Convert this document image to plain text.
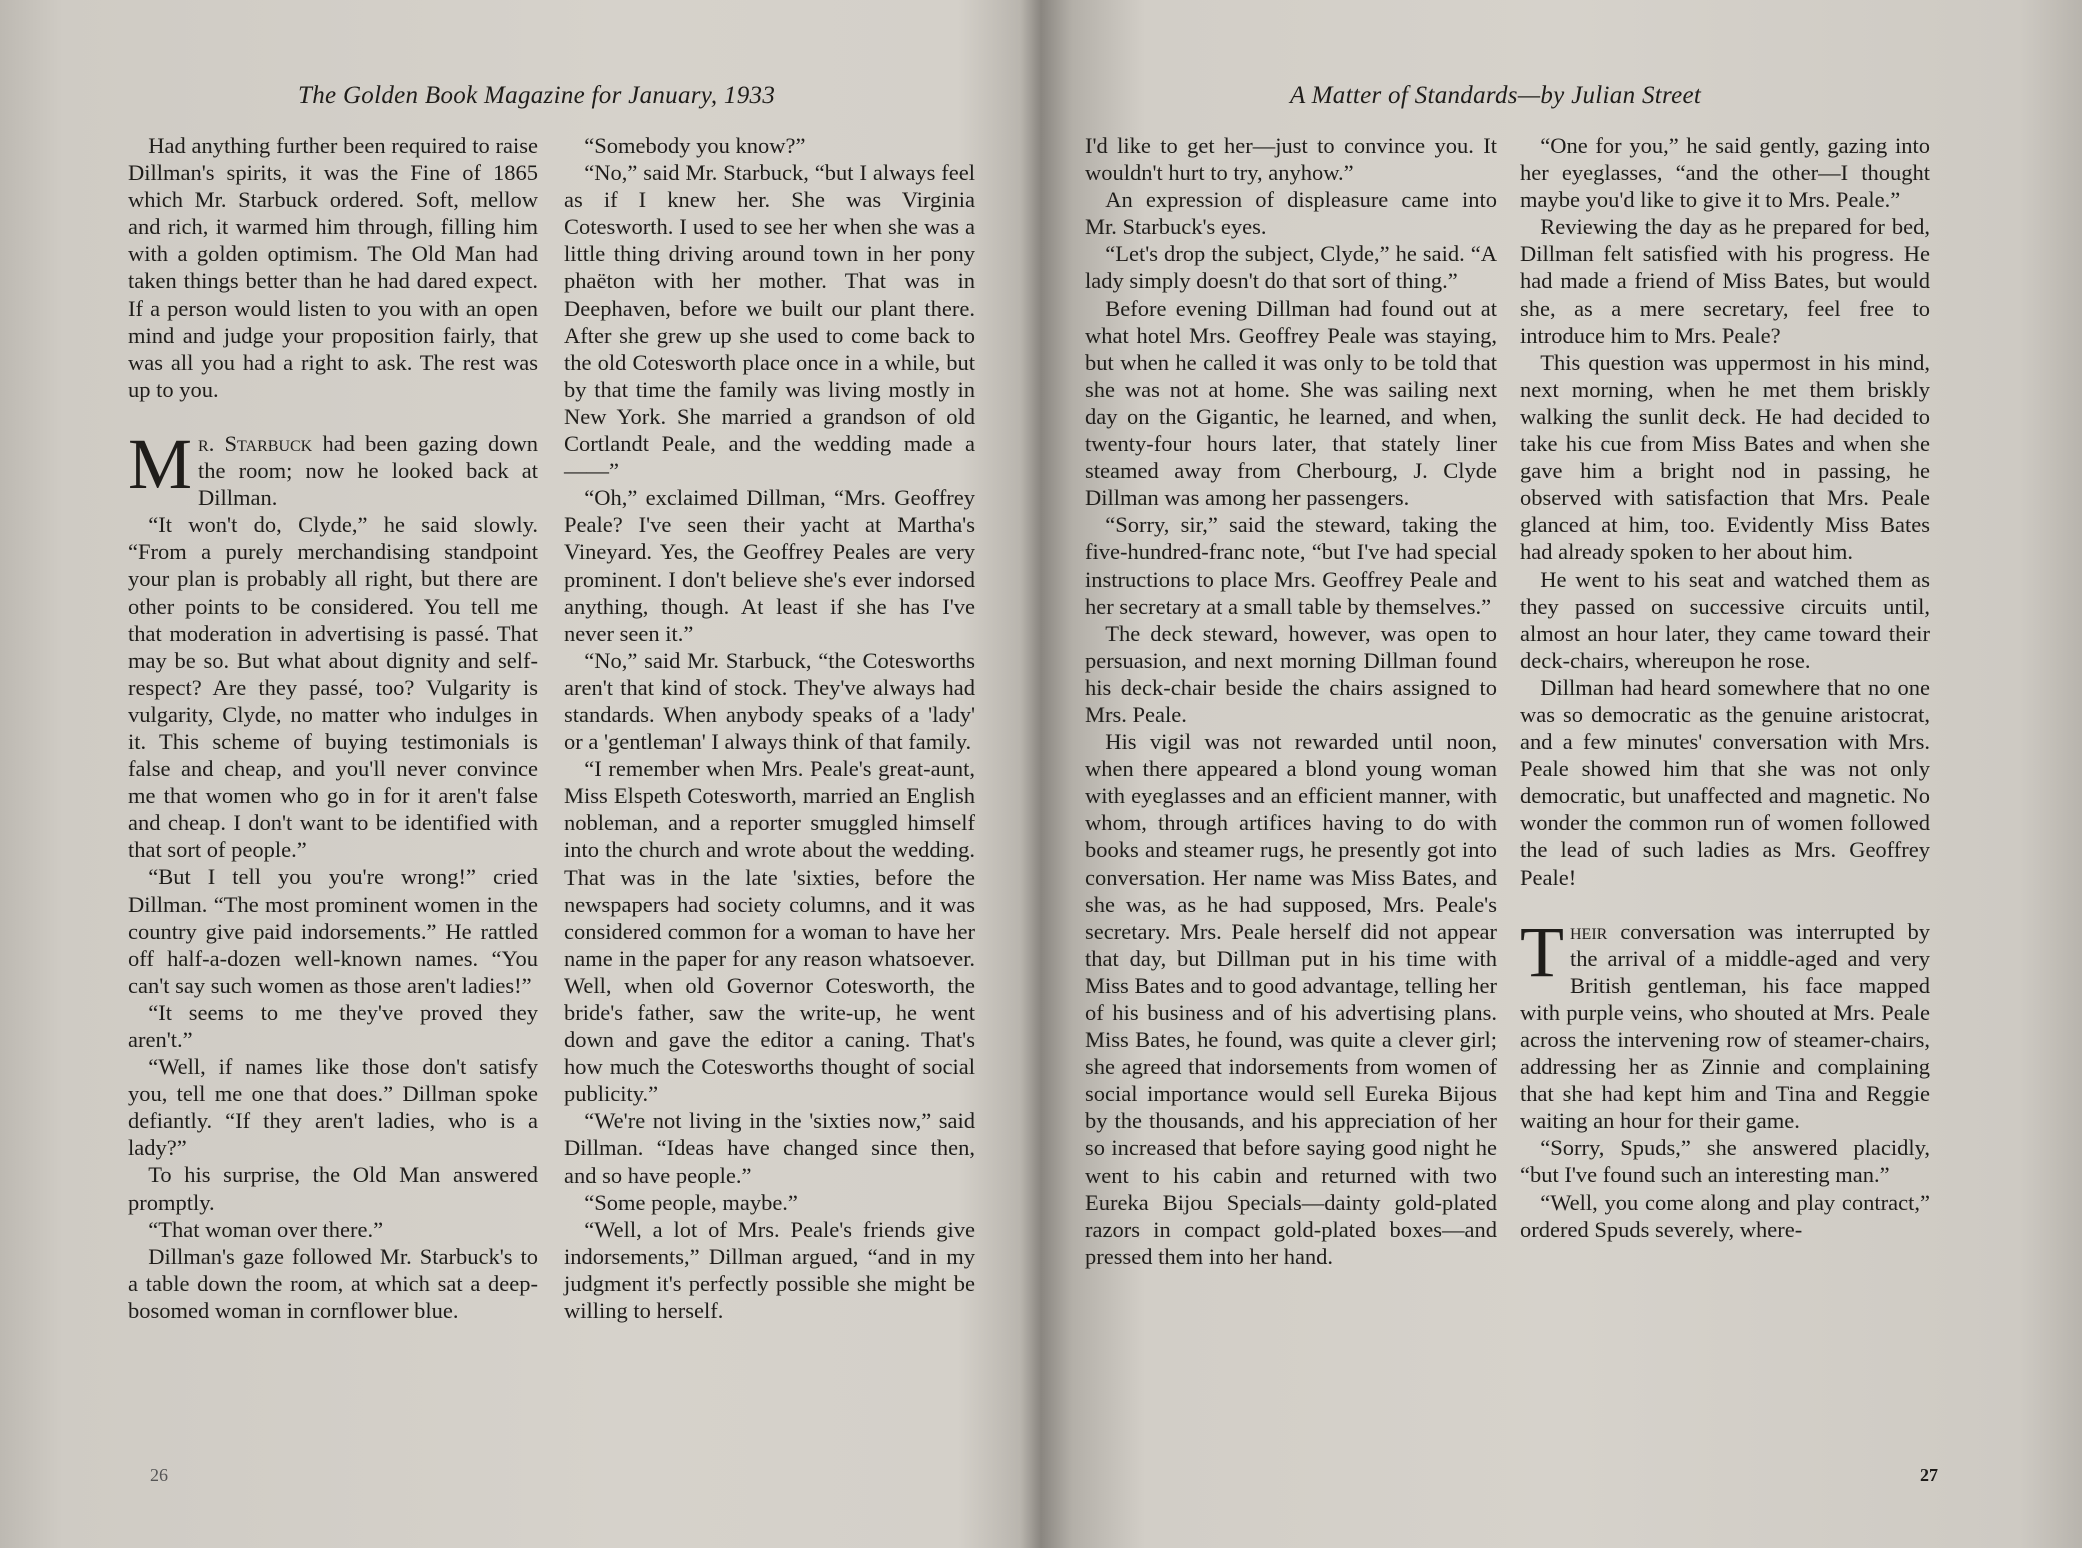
The Golden Book Magazine for January, 1933

Had anything further been required to raise Dillman's spirits, it was the Fine of 1865 which Mr. Starbuck ordered. Soft, mellow and rich, it warmed him through, filling him with a golden optimism. The Old Man had taken things better than he had dared expect. If a person would listen to you with an open mind and judge your proposition fairly, that was all you had a right to ask. The rest was up to you.

Mr. Starbuck had been gazing down the room; now he looked back at Dillman.

“It won't do, Clyde,” he said slowly. “From a purely merchandising standpoint your plan is probably all right, but there are other points to be considered. You tell me that moderation in advertising is passé. That may be so. But what about dignity and self-respect? Are they passé, too? Vulgarity is vulgarity, Clyde, no matter who indulges in it. This scheme of buying testimonials is false and cheap, and you'll never convince me that women who go in for it aren't false and cheap. I don't want to be identified with that sort of people.”

“But I tell you you're wrong!” cried Dillman. “The most prominent women in the country give paid indorsements.” He rattled off half-a-dozen well-known names. “You can't say such women as those aren't ladies!”

“It seems to me they've proved they aren't.”

“Well, if names like those don't satisfy you, tell me one that does.” Dillman spoke defiantly. “If they aren't ladies, who is a lady?”

To his surprise, the Old Man answered promptly.

“That woman over there.”

Dillman's gaze followed Mr. Starbuck's to a table down the room, at which sat a deep-bosomed woman in cornflower blue.

“Somebody you know?”

“No,” said Mr. Starbuck, “but I always feel as if I knew her. She was Virginia Cotesworth. I used to see her when she was a little thing driving around town in her pony phaëton with her mother. That was in Deephaven, before we built our plant there. After she grew up she used to come back to the old Cotesworth place once in a while, but by that time the family was living mostly in New York. She married a grandson of old Cortlandt Peale, and the wedding made a——”

“Oh,” exclaimed Dillman, “Mrs. Geoffrey Peale? I've seen their yacht at Martha's Vineyard. Yes, the Geoffrey Peales are very prominent. I don't believe she's ever indorsed anything, though. At least if she has I've never seen it.”

“No,” said Mr. Starbuck, “the Cotesworths aren't that kind of stock. They've always had standards. When anybody speaks of a 'lady' or a 'gentleman' I always think of that family.

“I remember when Mrs. Peale's great-aunt, Miss Elspeth Cotesworth, married an English nobleman, and a reporter smuggled himself into the church and wrote about the wedding. That was in the late 'sixties, before the newspapers had society columns, and it was considered common for a woman to have her name in the paper for any reason whatsoever. Well, when old Governor Cotesworth, the bride's father, saw the write-up, he went down and gave the editor a caning. That's how much the Cotesworths thought of social publicity.”

“We're not living in the 'sixties now,” said Dillman. “Ideas have changed since then, and so have people.”

“Some people, maybe.”

“Well, a lot of Mrs. Peale's friends give indorsements,” Dillman argued, “and in my judgment it's perfectly possible she might be willing to herself.

26
A Matter of Standards—by Julian Street

I'd like to get her—just to convince you. It wouldn't hurt to try, anyhow.”

An expression of displeasure came into Mr. Starbuck's eyes.

“Let's drop the subject, Clyde,” he said. “A lady simply doesn't do that sort of thing.”

Before evening Dillman had found out at what hotel Mrs. Geoffrey Peale was staying, but when he called it was only to be told that she was not at home. She was sailing next day on the Gigantic, he learned, and when, twenty-four hours later, that stately liner steamed away from Cherbourg, J. Clyde Dillman was among her passengers.

“Sorry, sir,” said the steward, taking the five-hundred-franc note, “but I've had special instructions to place Mrs. Geoffrey Peale and her secretary at a small table by themselves.”

The deck steward, however, was open to persuasion, and next morning Dillman found his deck-chair beside the chairs assigned to Mrs. Peale.

His vigil was not rewarded until noon, when there appeared a blond young woman with eyeglasses and an efficient manner, with whom, through artifices having to do with books and steamer rugs, he presently got into conversation. Her name was Miss Bates, and she was, as he had supposed, Mrs. Peale's secretary. Mrs. Peale herself did not appear that day, but Dillman put in his time with Miss Bates and to good advantage, telling her of his business and of his advertising plans. Miss Bates, he found, was quite a clever girl; she agreed that indorsements from women of social importance would sell Eureka Bijous by the thousands, and his appreciation of her so increased that before saying good night he went to his cabin and returned with two Eureka Bijou Specials—dainty gold-plated razors in compact gold-plated boxes—and pressed them into her hand.

“One for you,” he said gently, gazing into her eyeglasses, “and the other—I thought maybe you'd like to give it to Mrs. Peale.”

Reviewing the day as he prepared for bed, Dillman felt satisfied with his progress. He had made a friend of Miss Bates, but would she, as a mere secretary, feel free to introduce him to Mrs. Peale?

This question was uppermost in his mind, next morning, when he met them briskly walking the sunlit deck. He had decided to take his cue from Miss Bates and when she gave him a bright nod in passing, he observed with satisfaction that Mrs. Peale glanced at him, too. Evidently Miss Bates had already spoken to her about him.

He went to his seat and watched them as they passed on successive circuits until, almost an hour later, they came toward their deck-chairs, whereupon he rose.

Dillman had heard somewhere that no one was so democratic as the genuine aristocrat, and a few minutes' conversation with Mrs. Peale showed him that she was not only democratic, but unaffected and magnetic. No wonder the common run of women followed the lead of such ladies as Mrs. Geoffrey Peale!

Their conversation was interrupted by the arrival of a middle-aged and very British gentleman, his face mapped with purple veins, who shouted at Mrs. Peale across the intervening row of steamer-chairs, addressing her as Zinnie and complaining that she had kept him and Tina and Reggie waiting an hour for their game.

“Sorry, Spuds,” she answered placidly, “but I've found such an interesting man.”

“Well, you come along and play contract,” ordered Spuds severely, where-

27
